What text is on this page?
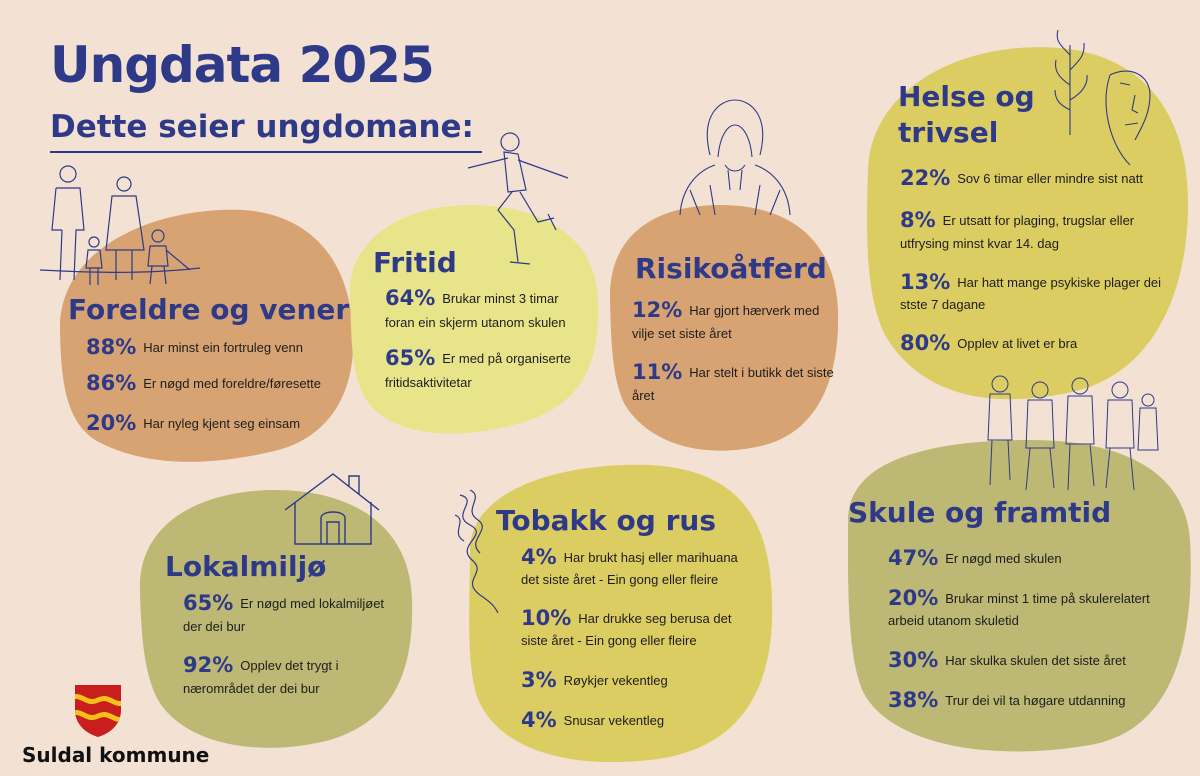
Ungdata 2025
Dette seier ungdomane:
Foreldre og vener
88% Har minst ein fortruleg venn
86% Er nøgd med foreldre/føresette
20% Har nyleg kjent seg einsam
Fritid
64% Brukar minst 3 timar
foran ein skjerm utanom skulen
65% Er med på organiserte
fritidsaktivitetar
Risikoåtferd
12% Har gjort hærverk med
vilje set siste året
11% Har stelt i butikk det siste
året
Helse og
trivsel
22% Sov 6 timar eller mindre sist natt
8% Er utsatt for plaging, trugslar eller
utfrysing minst kvar 14. dag
13% Har hatt mange psykiske plager dei
stste 7 dagane
80% Opplev at livet er bra
Lokalmiljø
65% Er nøgd med lokalmiljøet
der dei bur
92% Opplev det trygt i
nærområdet der dei bur
Tobakk og rus
4% Har brukt hasj eller marihuana
det siste året - Ein gong eller fleire
10% Har drukke seg berusa det
siste året - Ein gong eller fleire
3% Røykjer vekentleg
4% Snusar vekentleg
Skule og framtid
47% Er nøgd med skulen
20% Brukar minst 1 time på skulerelatert
arbeid utanom skuletid
30% Har skulka skulen det siste året
38% Trur dei vil ta høgare utdanning
Suldal kommune
